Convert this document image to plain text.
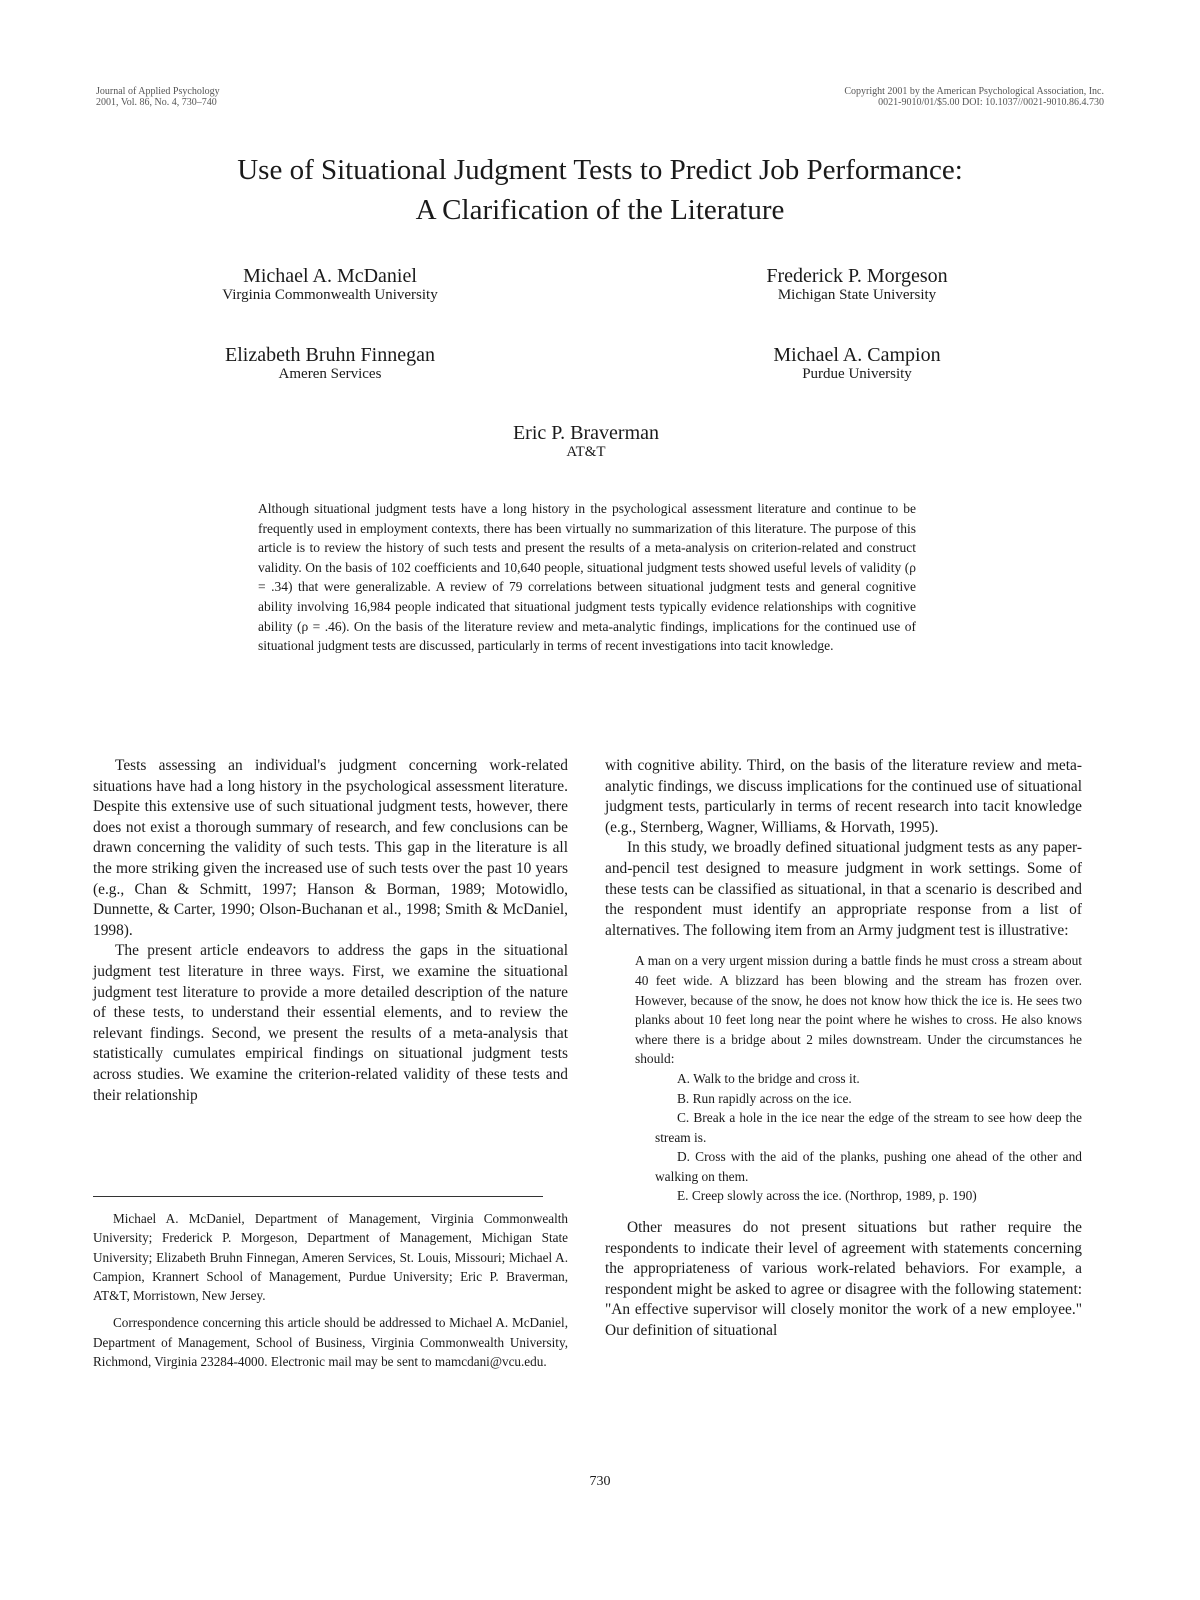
Journal of Applied Psychology
2001, Vol. 86, No. 4, 730–740
Copyright 2001 by the American Psychological Association, Inc.
0021-9010/01/$5.00 DOI: 10.1037//0021-9010.86.4.730
Use of Situational Judgment Tests to Predict Job Performance:
A Clarification of the Literature
Michael A. McDaniel
Virginia Commonwealth University
Frederick P. Morgeson
Michigan State University
Elizabeth Bruhn Finnegan
Ameren Services
Michael A. Campion
Purdue University
Eric P. Braverman
AT&T

Although situational judgment tests have a long history in the psychological assessment literature and continue to be frequently used in employment contexts, there has been virtually no summarization of this literature. The purpose of this article is to review the history of such tests and present the results of a meta-analysis on criterion-related and construct validity. On the basis of 102 coefficients and 10,640 people, situational judgment tests showed useful levels of validity (ρ = .34) that were generalizable. A review of 79 correlations between situational judgment tests and general cognitive ability involving 16,984 people indicated that situational judgment tests typically evidence relationships with cognitive ability (ρ = .46). On the basis of the literature review and meta-analytic findings, implications for the continued use of situational judgment tests are discussed, particularly in terms of recent investigations into tacit knowledge.

Tests assessing an individual's judgment concerning work-related situations have had a long history in the psychological assessment literature. Despite this extensive use of such situational judgment tests, however, there does not exist a thorough summary of research, and few conclusions can be drawn concerning the validity of such tests. This gap in the literature is all the more striking given the increased use of such tests over the past 10 years (e.g., Chan & Schmitt, 1997; Hanson & Borman, 1989; Motowidlo, Dunnette, & Carter, 1990; Olson-Buchanan et al., 1998; Smith & McDaniel, 1998).

The present article endeavors to address the gaps in the situational judgment test literature in three ways. First, we examine the situational judgment test literature to provide a more detailed description of the nature of these tests, to understand their essential elements, and to review the relevant findings. Second, we present the results of a meta-analysis that statistically cumulates empirical findings on situational judgment tests across studies. We examine the criterion-related validity of these tests and their relationship

with cognitive ability. Third, on the basis of the literature review and meta-analytic findings, we discuss implications for the continued use of situational judgment tests, particularly in terms of recent research into tacit knowledge (e.g., Sternberg, Wagner, Williams, & Horvath, 1995).

In this study, we broadly defined situational judgment tests as any paper-and-pencil test designed to measure judgment in work settings. Some of these tests can be classified as situational, in that a scenario is described and the respondent must identify an appropriate response from a list of alternatives. The following item from an Army judgment test is illustrative:

A man on a very urgent mission during a battle finds he must cross a stream about 40 feet wide. A blizzard has been blowing and the stream has frozen over. However, because of the snow, he does not know how thick the ice is. He sees two planks about 10 feet long near the point where he wishes to cross. He also knows where there is a bridge about 2 miles downstream. Under the circumstances he should:

A. Walk to the bridge and cross it.

B. Run rapidly across on the ice.

C. Break a hole in the ice near the edge of the stream to see how deep the stream is.

D. Cross with the aid of the planks, pushing one ahead of the other and walking on them.

E. Creep slowly across the ice. (Northrop, 1989, p. 190)

Other measures do not present situations but rather require the respondents to indicate their level of agreement with statements concerning the appropriateness of various work-related behaviors. For example, a respondent might be asked to agree or disagree with the following statement: "An effective supervisor will closely monitor the work of a new employee." Our definition of situational

Michael A. McDaniel, Department of Management, Virginia Commonwealth University; Frederick P. Morgeson, Department of Management, Michigan State University; Elizabeth Bruhn Finnegan, Ameren Services, St. Louis, Missouri; Michael A. Campion, Krannert School of Management, Purdue University; Eric P. Braverman, AT&T, Morristown, New Jersey.

Correspondence concerning this article should be addressed to Michael A. McDaniel, Department of Management, School of Business, Virginia Commonwealth University, Richmond, Virginia 23284-4000. Electronic mail may be sent to mamcdani@vcu.edu.

730
